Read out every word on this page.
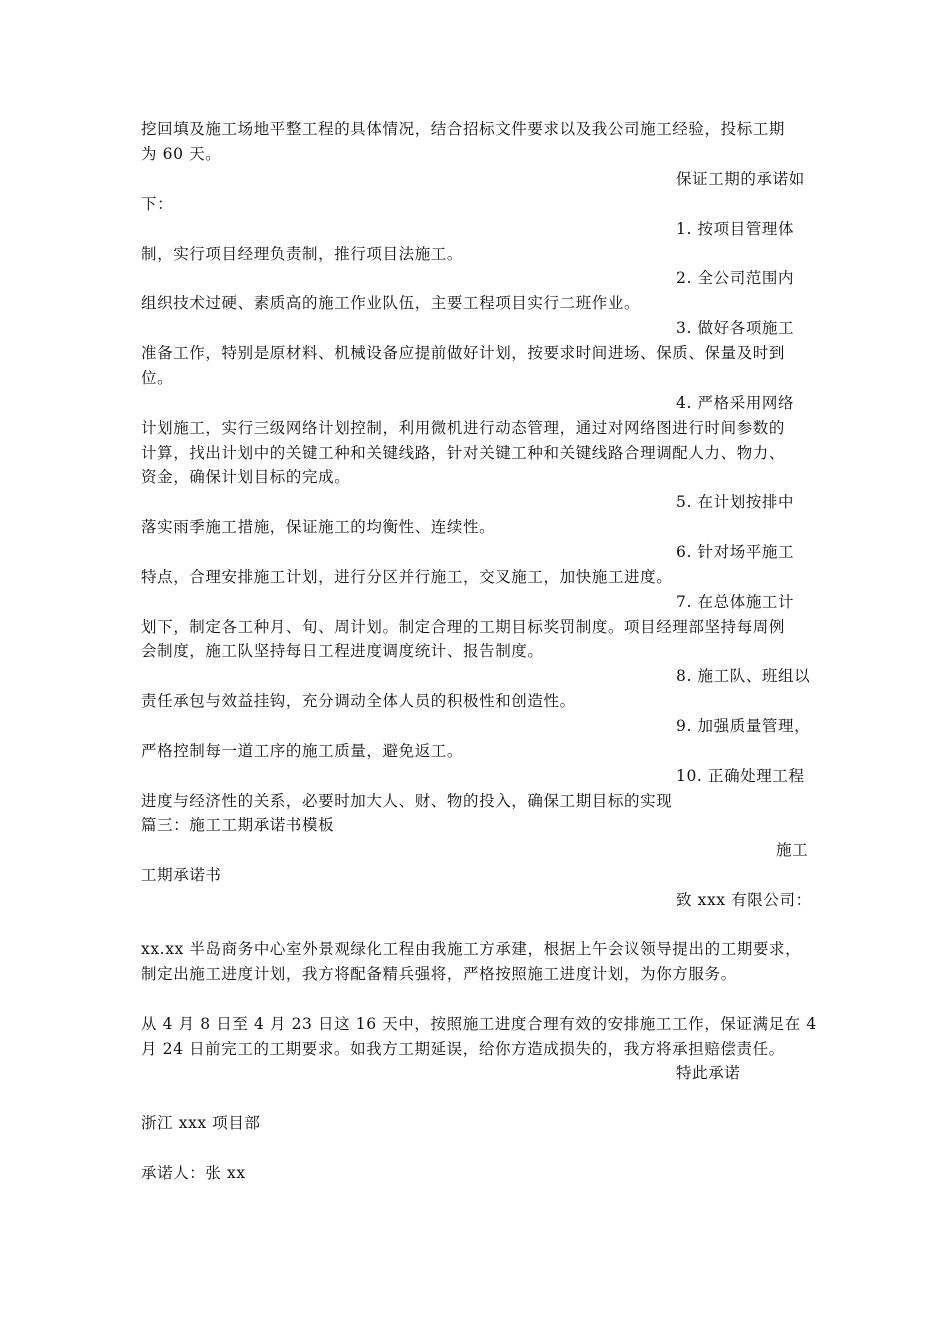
挖回填及施工场地平整工程的具体情况，结合招标文件要求以及我公司施工经验，投标工期
为 60 天。
保证工期的承诺如
下：
1. 按项目管理体
制，实行项目经理负责制，推行项目法施工。
2. 全公司范围内
组织技术过硬、素质高的施工作业队伍，主要工程项目实行二班作业。
3. 做好各项施工
准备工作，特别是原材料、机械设备应提前做好计划，按要求时间进场、保质、保量及时到
位。
4. 严格采用网络
计划施工，实行三级网络计划控制，利用微机进行动态管理，通过对网络图进行时间参数的
计算，找出计划中的关键工种和关键线路，针对关键工种和关键线路合理调配人力、物力、
资金，确保计划目标的完成。
5. 在计划按排中
落实雨季施工措施，保证施工的均衡性、连续性。
6. 针对场平施工
特点，合理安排施工计划，进行分区并行施工，交叉施工，加快施工进度。
7. 在总体施工计
划下，制定各工种月、旬、周计划。制定合理的工期目标奖罚制度。项目经理部坚持每周例
会制度，施工队坚持每日工程进度调度统计、报告制度。
8. 施工队、班组以
责任承包与效益挂钩，充分调动全体人员的积极性和创造性。
9. 加强质量管理，
严格控制每一道工序的施工质量，避免返工。
10. 正确处理工程
进度与经济性的关系，必要时加大人、财、物的投入，确保工期目标的实现
篇三：施工工期承诺书模板
施工
工期承诺书
致 xxx 有限公司：
xx.xx 半岛商务中心室外景观绿化工程由我施工方承建，根据上午会议领导提出的工期要求，
制定出施工进度计划，我方将配备精兵强将，严格按照施工进度计划，为你方服务。
从 4 月 8 日至 4 月 23 日这 16 天中，按照施工进度合理有效的安排施工工作，保证满足在 4
月 24 日前完工的工期要求。如我方工期延误，给你方造成损失的，我方将承担赔偿责任。
特此承诺
浙江 xxx 项目部
承诺人：张 xx
